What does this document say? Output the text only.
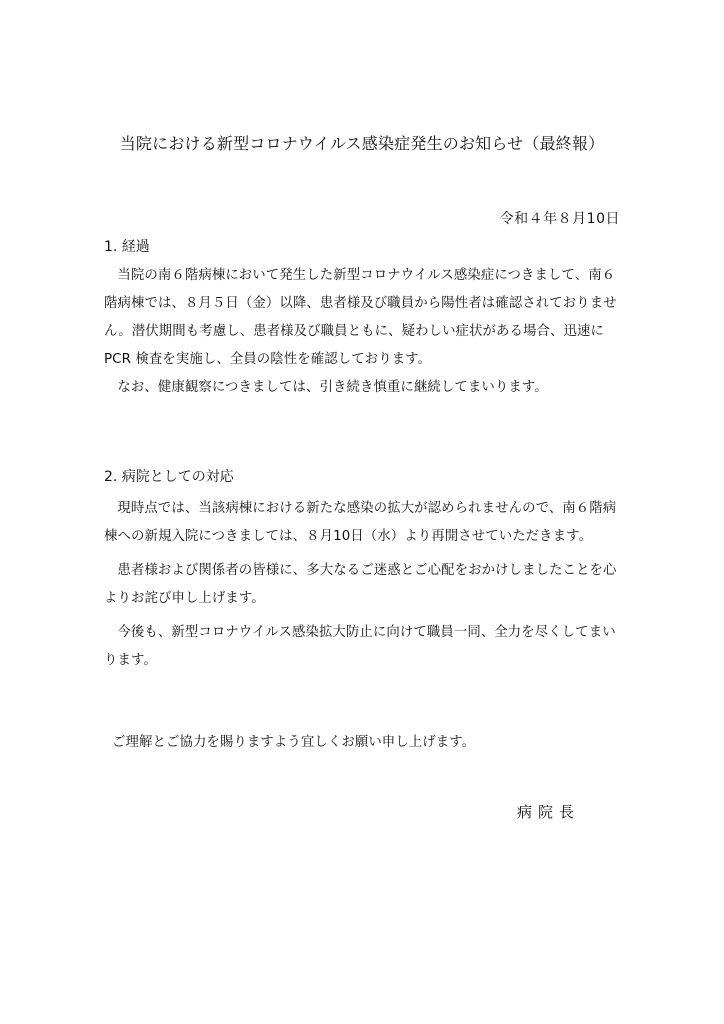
当院における新型コロナウイルス感染症発生のお知らせ（最終報）
令和４年８月10日
1. 経過

当院の南６階病棟において発生した新型コロナウイルス感染症につきまして、南６階病棟では、８月５日（金）以降、患者様及び職員から陽性者は確認されておりません。潜伏期間も考慮し、患者様及び職員ともに、疑わしい症状がある場合、迅速に PCR 検査を実施し、全員の陰性を確認しております。

なお、健康観察につきましては、引き続き慎重に継続してまいります。

2. 病院としての対応

現時点では、当該病棟における新たな感染の拡大が認められませんので、南６階病棟への新規入院につきましては、８月10日（水）より再開させていただきます。

患者様および関係者の皆様に、多大なるご迷惑とご心配をおかけしましたことを心よりお詫び申し上げます。

今後も、新型コロナウイルス感染拡大防止に向けて職員一同、全力を尽くしてまいります。

ご理解とご協力を賜りますよう宜しくお願い申し上げます。
病院長
